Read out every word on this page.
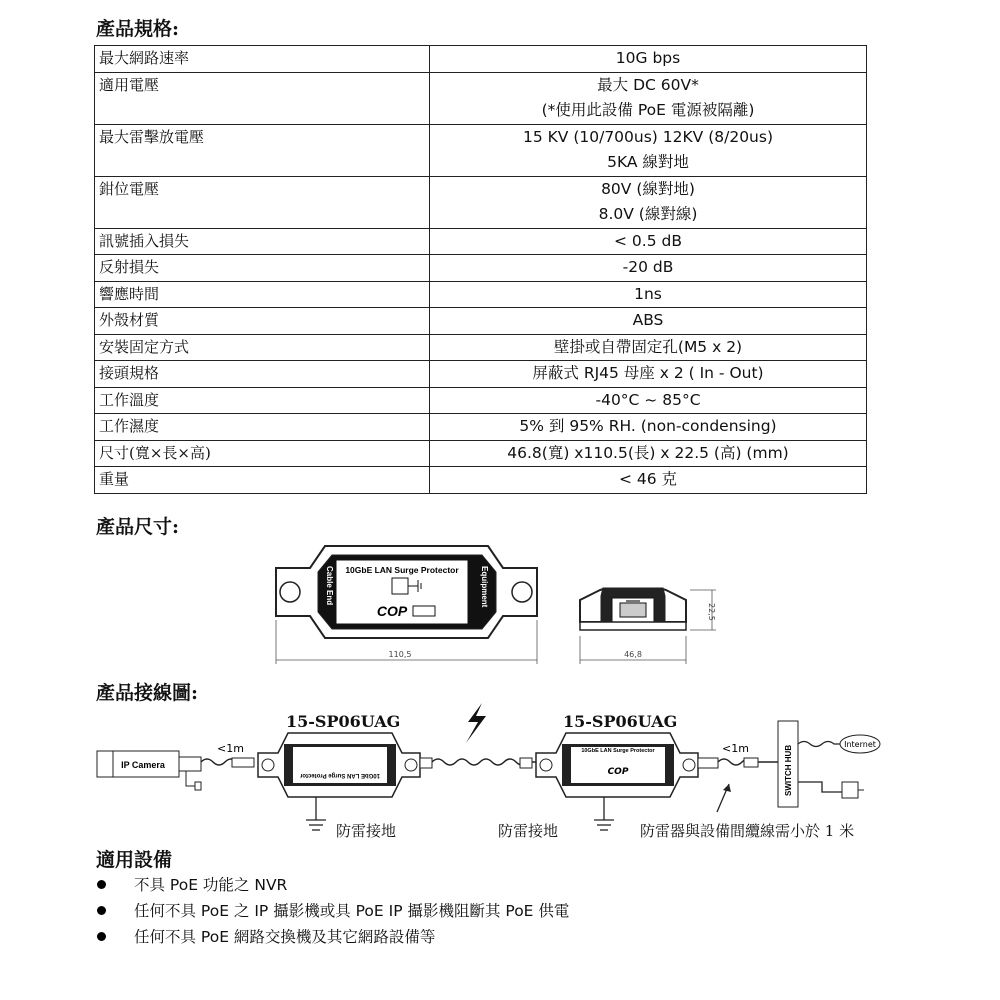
產品規格:
最大網路速率	10G bps

適用電壓	最大 DC 60V*
(*使用此設備 PoE 電源被隔離)

最大雷擊放電壓	15 KV (10/700us) 12KV (8/20us)
5KA 線對地

鉗位電壓	80V (線對地)
8.0V (線對線)

訊號插入損失	< 0.5 dB

反射損失	-20 dB

響應時間	1ns

外殼材質	ABS

安裝固定方式	壁掛或自帶固定孔(M5 x 2)

接頭規格	屏蔽式 RJ45 母座 x 2 ( In - Out)

工作溫度	-40°C ~ 85°C

工作濕度	5% 到 95% RH. (non-condensing)

尺寸(寬×長×高)	46.8(寬) x110.5(長) x 22.5 (高) (mm)

重量	< 46 克
產品尺寸:
10GbE LAN Surge Protector
COP
Cable End	Equipment
110,5	46,8
22,5
IP Camera
<1m
10GbE LAN Surge Protector
10GbE LAN Surge Protector
COP
<1m	SWITCH HUB
Internet
產品接線圖:
15-SP06UAG	15-SP06UAG
防雷接地	防雷接地	防雷器與設備間纜線需小於 1 米
適用設備
不具 PoE 功能之 NVR
任何不具 PoE 之 IP 攝影機或具 PoE IP 攝影機阻斷其 PoE 供電
任何不具 PoE 網路交換機及其它網路設備等
